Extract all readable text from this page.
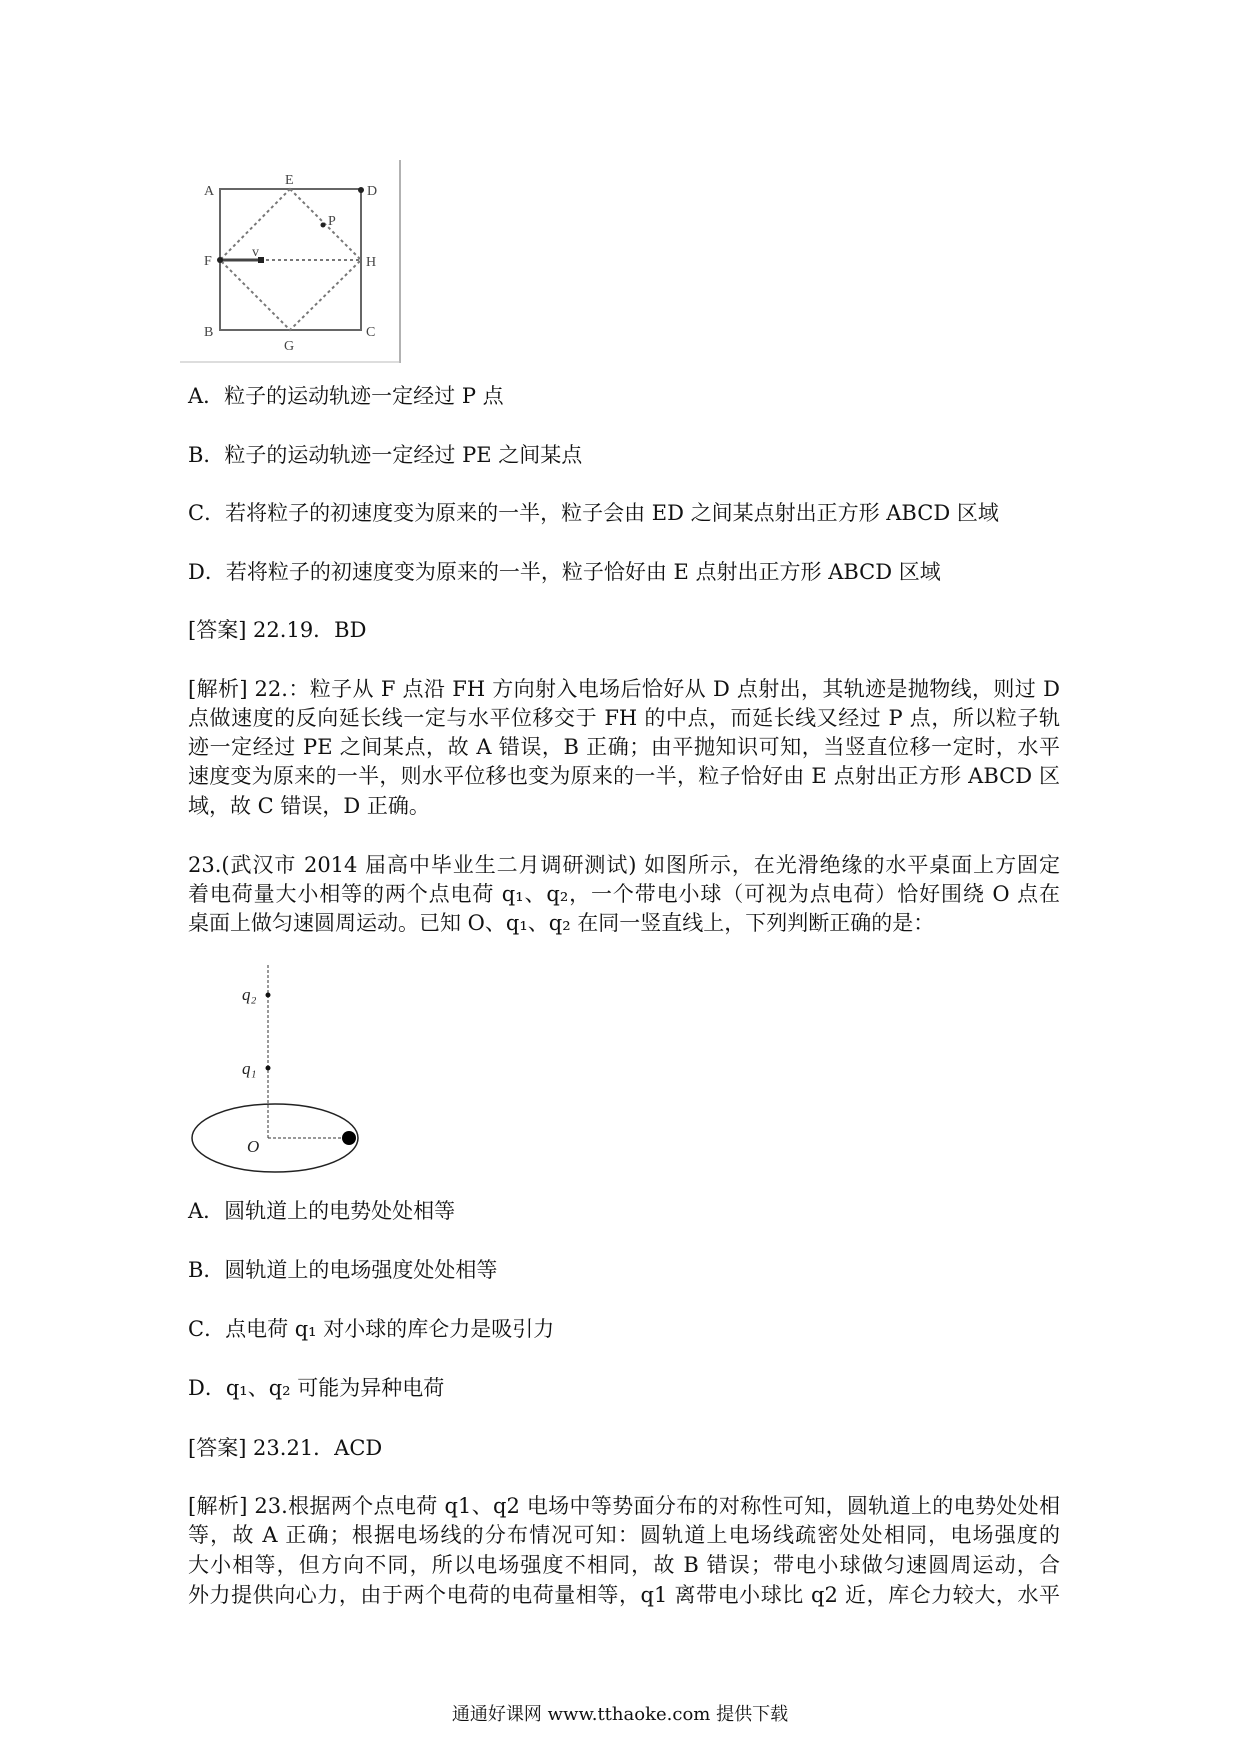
A
E
D
P
F
v
H
B
G
C
A．粒子的运动轨迹一定经过 P 点
B．粒子的运动轨迹一定经过 PE 之间某点
C．若将粒子的初速度变为原来的一半，粒子会由 ED 之间某点射出正方形 ABCD 区域
D．若将粒子的初速度变为原来的一半，粒子恰好由 E 点射出正方形 ABCD 区域
[答案] 22.19．BD
[解析] 22.：粒子从 F 点沿 FH 方向射入电场后恰好从 D 点射出，其轨迹是抛物线，则过 D
点做速度的反向延长线一定与水平位移交于 FH 的中点，而延长线又经过 P 点，所以粒子轨
迹一定经过 PE 之间某点，故 A 错误，B 正确；由平抛知识可知，当竖直位移一定时，水平
速度变为原来的一半，则水平位移也变为原来的一半，粒子恰好由 E 点射出正方形 ABCD 区
域，故 C 错误，D 正确。
23.(武汉市 2014 届高中毕业生二月调研测试) 如图所示，在光滑绝缘的水平桌面上方固定
着电荷量大小相等的两个点电荷 q₁、q₂，一个带电小球（可视为点电荷）恰好围绕 O 点在
桌面上做匀速圆周运动。已知 O、q₁、q₂ 在同一竖直线上，下列判断正确的是：
q₂
q₁
O
A．圆轨道上的电势处处相等
B．圆轨道上的电场强度处处相等
C．点电荷 q₁ 对小球的库仑力是吸引力
D．q₁、q₂ 可能为异种电荷
[答案] 23.21．ACD
[解析] 23.根据两个点电荷 q1、q2 电场中等势面分布的对称性可知，圆轨道上的电势处处相
等，故 A 正确；根据电场线的分布情况可知：圆轨道上电场线疏密处处相同，电场强度的
大小相等，但方向不同，所以电场强度不相同，故 B 错误；带电小球做匀速圆周运动，合
外力提供向心力，由于两个电荷的电荷量相等，q1 离带电小球比 q2 近，库仑力较大，水平
通通好课网 www.tthaoke.com 提供下载
